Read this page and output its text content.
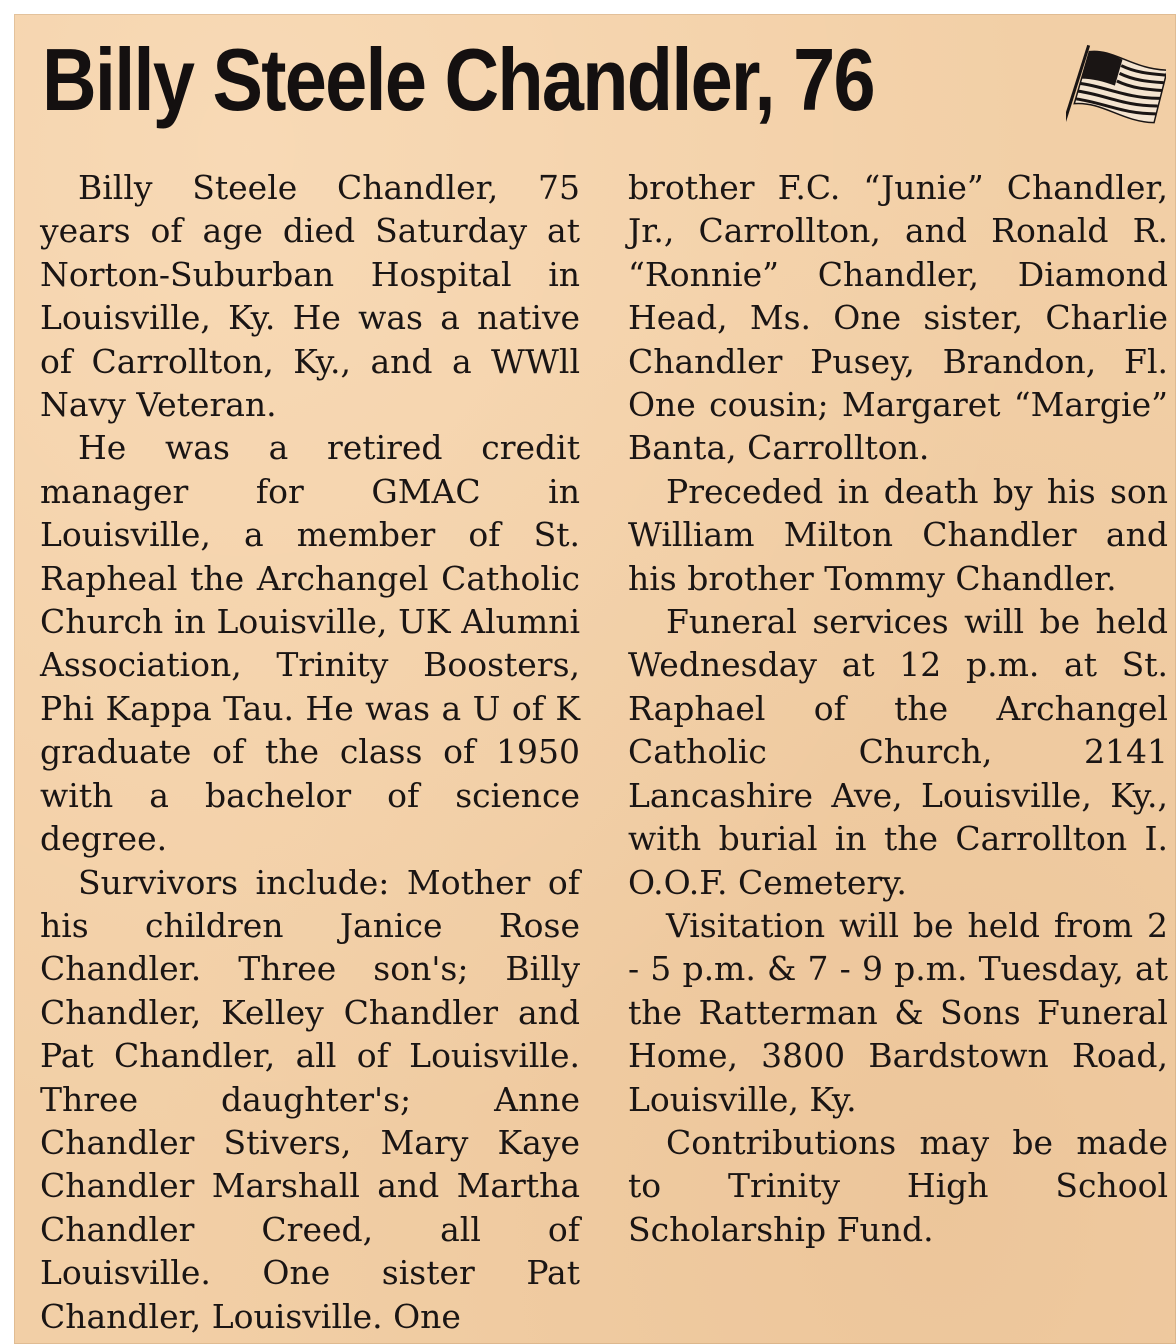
Billy Steele Chandler, 76

Billy Steele Chandler, 75 years of age died Saturday at Norton-Suburban Hospital in Louisville, Ky. He was a native of Carrollton, Ky., and a WWll Navy Veteran.

He was a retired credit manager for GMAC in Louisville, a member of St. Rapheal the Archangel Catholic Church in Louisville, UK Alumni Association, Trinity Boosters, Phi Kappa Tau. He was a U of K graduate of the class of 1950 with a bachelor of science degree.

Survivors include: Mother of his children Janice Rose Chandler. Three son's; Billy Chandler, Kelley Chandler and Pat Chandler, all of Louisville. Three daughter's; Anne Chandler Stivers, Mary Kaye Chandler Marshall and Martha Chandler Creed, all of Louisville. One sister Pat Chandler, Louisville. One

brother F.C. “Junie” Chandler, Jr., Carrollton, and Ronald R. “Ronnie” Chandler, Diamond Head, Ms. One sister, Charlie Chandler Pusey, Brandon, Fl. One cousin; Margaret “Margie” Banta, Carrollton.

Preceded in death by his son William Milton Chandler and his brother Tommy Chandler.

Funeral services will be held Wednesday at 12 p.m. at St. Raphael of the Archangel Catholic Church, 2141 Lancashire Ave, Louisville, Ky., with burial in the Carrollton I. O.O.F. Cemetery.

Visitation will be held from 2 - 5 p.m. & 7 - 9 p.m. Tuesday, at the Ratterman & Sons Funeral Home, 3800 Bardstown Road, Louisville, Ky.

Contributions may be made to Trinity High School Scholarship Fund.
